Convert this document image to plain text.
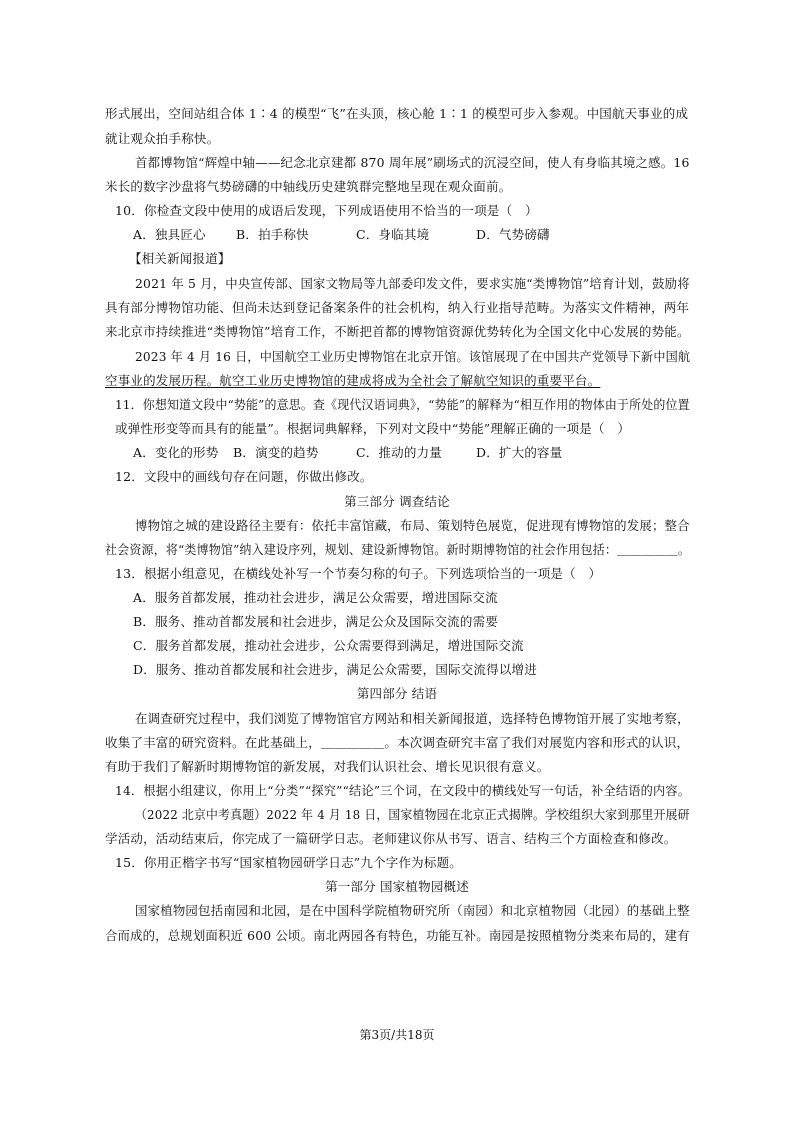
形式展出，空间站组合体 1∶4 的模型“飞”在头顶，核心舱 1∶1 的模型可步入参观。中国航天事业的成
就让观众拍手称快。
首都博物馆“辉煌中轴——纪念北京建都 870 周年展”刷场式的沉浸空间，使人有身临其境之感。16
米长的数字沙盘将气势磅礴的中轴线历史建筑群完整地呈现在观众面前。
10．你检查文段中使用的成语后发现，下列成语使用不恰当的一项是（　）
A．独具匠心 B．拍手称快	C．身临其境	D．气势磅礴
【相关新闻报道】
2021 年 5 月，中央宣传部、国家文物局等九部委印发文件，要求实施“类博物馆”培育计划，鼓励将
具有部分博物馆功能、但尚未达到登记备案条件的社会机构，纳入行业指导范畴。为落实文件精神，两年
来北京市持续推进“类博物馆”培育工作，不断把首都的博物馆资源优势转化为全国文化中心发展的势能。
2023 年 4 月 16 日，中国航空工业历史博物馆在北京开馆。该馆展现了在中国共产党领导下新中国航
空事业的发展历程。航空工业历史博物馆的建成将成为全社会了解航空知识的重要平台。
11．你想知道文段中“势能”的意思。查《现代汉语词典》，“势能”的解释为“相互作用的物体由于所处的位置
或弹性形变等而具有的能量”。根据词典解释，下列对文段中“势能”理解正确的一项是（　）
A．变化的形势 B．演变的趋势	C．推动的力量	D．扩大的容量
12．文段中的画线句存在问题，你做出修改。
第三部分 调查结论
博物馆之城的建设路径主要有：依托丰富馆藏，布局、策划特色展览，促进现有博物馆的发展；整合
社会资源，将“类博物馆”纳入建设序列，规划、建设新博物馆。新时期博物馆的社会作用包括：＿＿＿＿＿。
13．根据小组意见，在横线处补写一个节奏匀称的句子。下列选项恰当的一项是（　）
A．服务首都发展，推动社会进步，满足公众需要，增进国际交流
B．服务、推动首都发展和社会进步，满足公众及国际交流的需要
C．服务首都发展，推动社会进步，公众需要得到满足，增进国际交流
D．服务、推动首都发展和社会进步，满足公众需要，国际交流得以增进
第四部分 结语
在调查研究过程中，我们浏览了博物馆官方网站和相关新闻报道，选择特色博物馆开展了实地考察，
收集了丰富的研究资料。在此基础上，＿＿＿＿＿。本次调查研究丰富了我们对展览内容和形式的认识，
有助于我们了解新时期博物馆的新发展，对我们认识社会、增长见识很有意义。
14．根据小组建议，你用上“分类”“探究”“结论”三个词，在文段中的横线处写一句话，补全结语的内容。
（2022 北京中考真题）2022 年 4 月 18 日，国家植物园在北京正式揭牌。学校组织大家到那里开展研
学活动，活动结束后，你完成了一篇研学日志。老师建议你从书写、语言、结构三个方面检查和修改。
15．你用正楷字书写“国家植物园研学日志”九个字作为标题。
第一部分 国家植物园概述
国家植物园包括南园和北园，是在中国科学院植物研究所（南园）和北京植物园（北园）的基础上整
合而成的，总规划面积近 600 公顷。南北两园各有特色，功能互补。南园是按照植物分类来布局的，建有
第3页/共18页
